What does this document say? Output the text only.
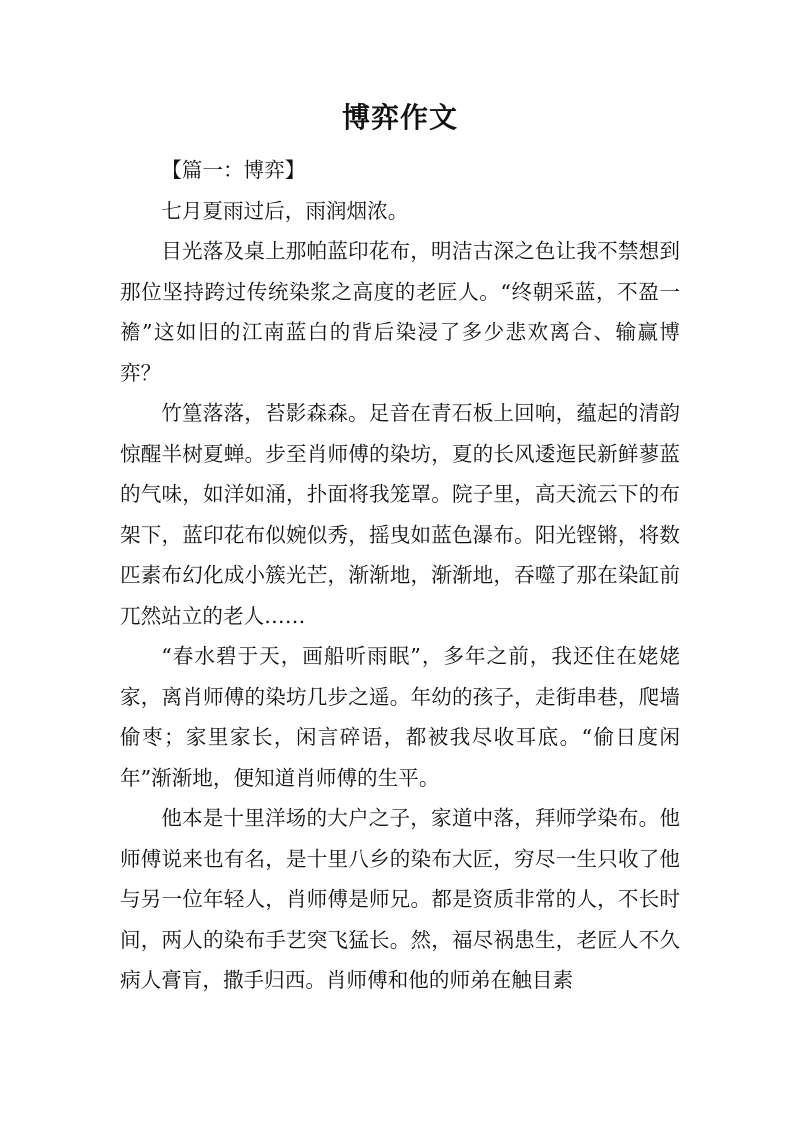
博弈作文

【篇一：博弈】

七月夏雨过后，雨润烟浓。

目光落及桌上那帕蓝印花布，明洁古深之色让我不禁想到那位坚持跨过传统染浆之高度的老匠人。“终朝采蓝，不盈一襜”这如旧的江南蓝白的背后染浸了多少悲欢离合、输赢博弈？

竹篁落落，苔影森森。足音在青石板上回响，蕴起的清韵惊醒半树夏蝉。步至肖师傅的染坊，夏的长风逶迤民新鲜蓼蓝的气味，如洋如涌，扑面将我笼罩。院子里，高天流云下的布架下，蓝印花布似婉似秀，摇曳如蓝色瀑布。阳光铿锵，将数匹素布幻化成小簇光芒，渐渐地，渐渐地，吞噬了那在染缸前兀然站立的老人……

“春水碧于天，画船听雨眠”，多年之前，我还住在姥姥家，离肖师傅的染坊几步之遥。年幼的孩子，走街串巷，爬墙偷枣；家里家长，闲言碎语，都被我尽收耳底。“偷日度闲年”渐渐地，便知道肖师傅的生平。

他本是十里洋场的大户之子，家道中落，拜师学染布。他师傅说来也有名，是十里八乡的染布大匠，穷尽一生只收了他与另一位年轻人，肖师傅是师兄。都是资质非常的人，不长时间，两人的染布手艺突飞猛长。然，福尽祸患生，老匠人不久病人膏肓，撒手归西。肖师傅和他的师弟在触目素
